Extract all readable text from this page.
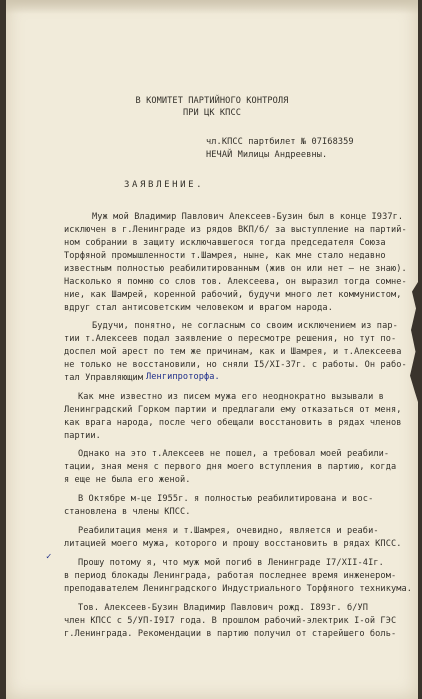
В КОМИТЕТ ПАРТИЙНОГО КОНТРОЛЯ
ПРИ ЦК КПСС
чл.КПСС партбилет № 07I68359
НЕЧАЙ Милицы Андреевны.
ЗАЯВЛЕНИЕ.
Муж мой Владимир Павлович Алексеев-Бузин был в конце I937г.
исключен в г.Ленинграде из рядов ВКП/б/ за выступление на партий-
ном собрании в защиту исключавшегося тогда председателя Союза
Торфяной промышленности т.Шамрея, ныне, как мне стало недавно
известным полностью реабилитированным (жив он или нет – не знаю).
Насколько я помню со слов тов. Алексеева, он выразил тогда сомне-
ние, как Шамрей, коренной рабочий, будучи много лет коммунистом,
вдруг стал антисоветским человеком и врагом народа.
Будучи, понятно, не согласным со своим исключением из пар-
тии т.Алексеев подал заявление о пересмотре решения, но тут по-
доспел мой арест по тем же причинам, как и Шамрея, и т.Алексеева
не только не восстановили, но сняли I5/XI-37г. с работы. Он рабо-
тал Управляющим Ленгипроторфа.
Как мне известно из писем мужа его неоднократно вызывали в
Ленинградский Горком партии и предлагали ему отказаться от меня,
как врага народа, после чего обещали восстановить в рядах членов
партии.
Однако на это т.Алексеев не пошел, а требовал моей реабили-
тации, зная меня с первого дня моего вступления в партию, когда
я еще не была его женой.
В Октябре м-це I955г. я полностью реабилитирована и вос-
становлена в члены КПСС.
Реабилитация меня и т.Шамрея, очевидно, является и реаби-
литацией моего мужа, которого и прошу восстановить в рядах КПСС.
✓
Прошу потому я, что муж мой погиб в Ленинграде I7/XII-4Iг.
в период блокады Ленинграда, работая последнее время инженером-
преподавателем Ленинградского Индустриального Торфяного техникума.
Тов. Алексеев-Бузин Владимир Павлович рожд. I893г. б/УП
член КПСС с 5/УП-I9I7 года. В прошлом рабочий-электрик I-ой ГЭС
г.Ленинграда. Рекомендации в партию получил от старейшего боль-
